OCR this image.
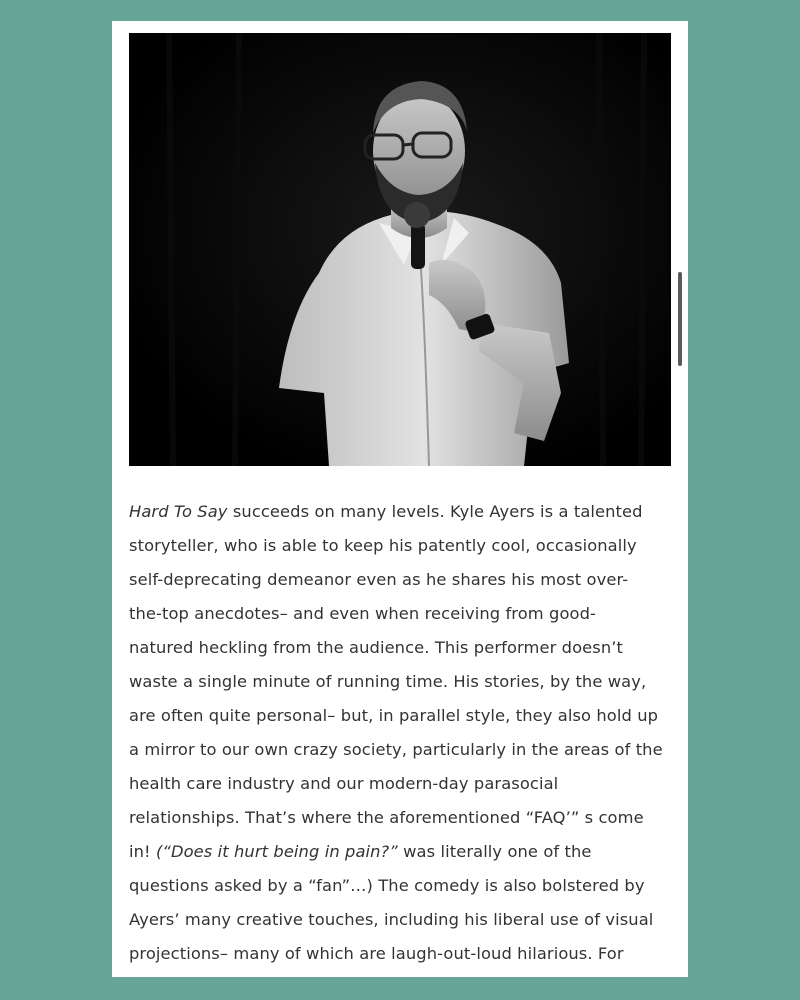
Hard To Say succeeds on many levels. Kyle Ayers is a talented
storyteller, who is able to keep his patently cool, occasionally
self-deprecating demeanor even as he shares his most over-
the-top anecdotes– and even when receiving from good-
natured heckling from the audience. This performer doesn’t
waste a single minute of running time. His stories, by the way,
are often quite personal– but, in parallel style, they also hold up
a mirror to our own crazy society, particularly in the areas of the
health care industry and our modern-day parasocial
relationships. That’s where the aforementioned “FAQ’” s come
in! (“Does it hurt being in pain?” was literally one of the
questions asked by a “fan”…) The comedy is also bolstered by
Ayers’ many creative touches, including his liberal use of visual
projections– many of which are laugh-out-loud hilarious. For
